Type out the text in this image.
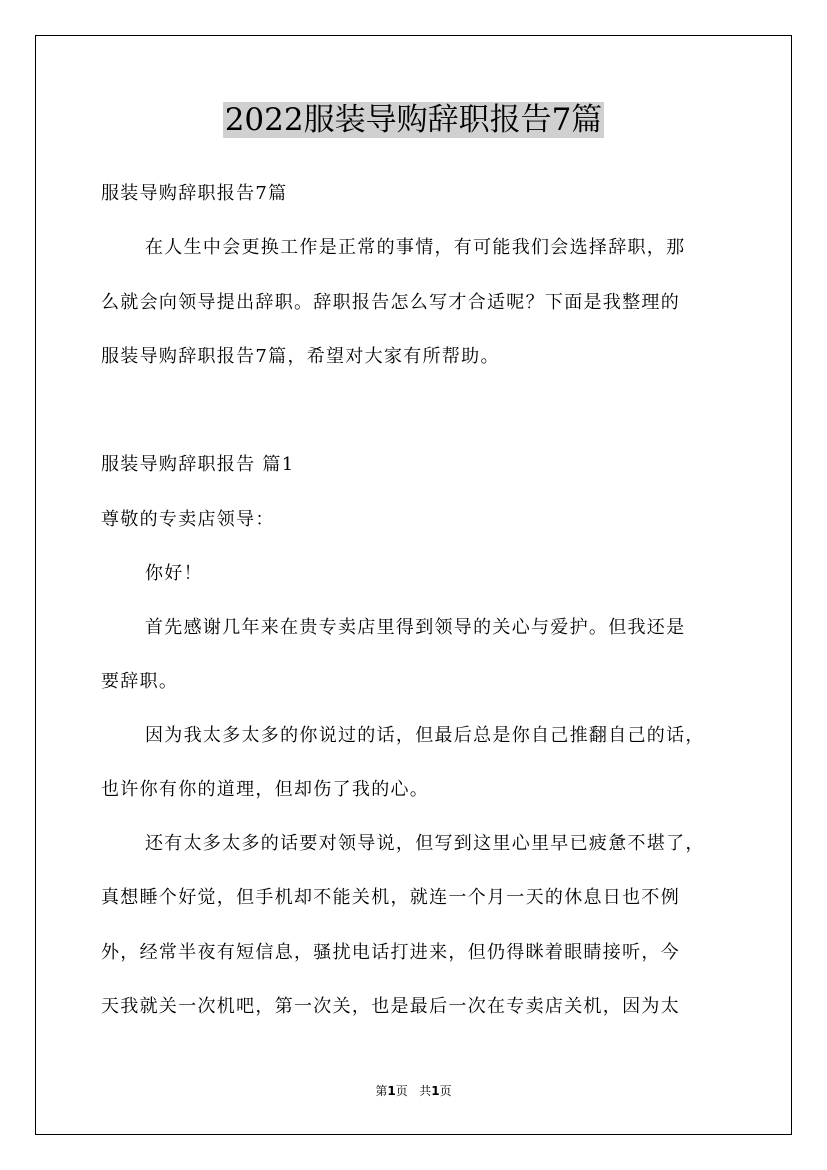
2022服装导购辞职报告7篇
服装导购辞职报告7篇
在人生中会更换工作是正常的事情，有可能我们会选择辞职，那
么就会向领导提出辞职。辞职报告怎么写才合适呢？下面是我整理的
服装导购辞职报告7篇，希望对大家有所帮助。
服装导购辞职报告 篇1
尊敬的专卖店领导：
你好！
首先感谢几年来在贵专卖店里得到领导的关心与爱护。但我还是
要辞职。
因为我太多太多的你说过的话，但最后总是你自己推翻自己的话，
也许你有你的道理，但却伤了我的心。
还有太多太多的话要对领导说，但写到这里心里早已疲惫不堪了，
真想睡个好觉，但手机却不能关机，就连一个月一天的休息日也不例
外，经常半夜有短信息，骚扰电话打进来，但仍得眯着眼睛接听，今
天我就关一次机吧，第一次关，也是最后一次在专卖店关机，因为太
第1页 共1页
